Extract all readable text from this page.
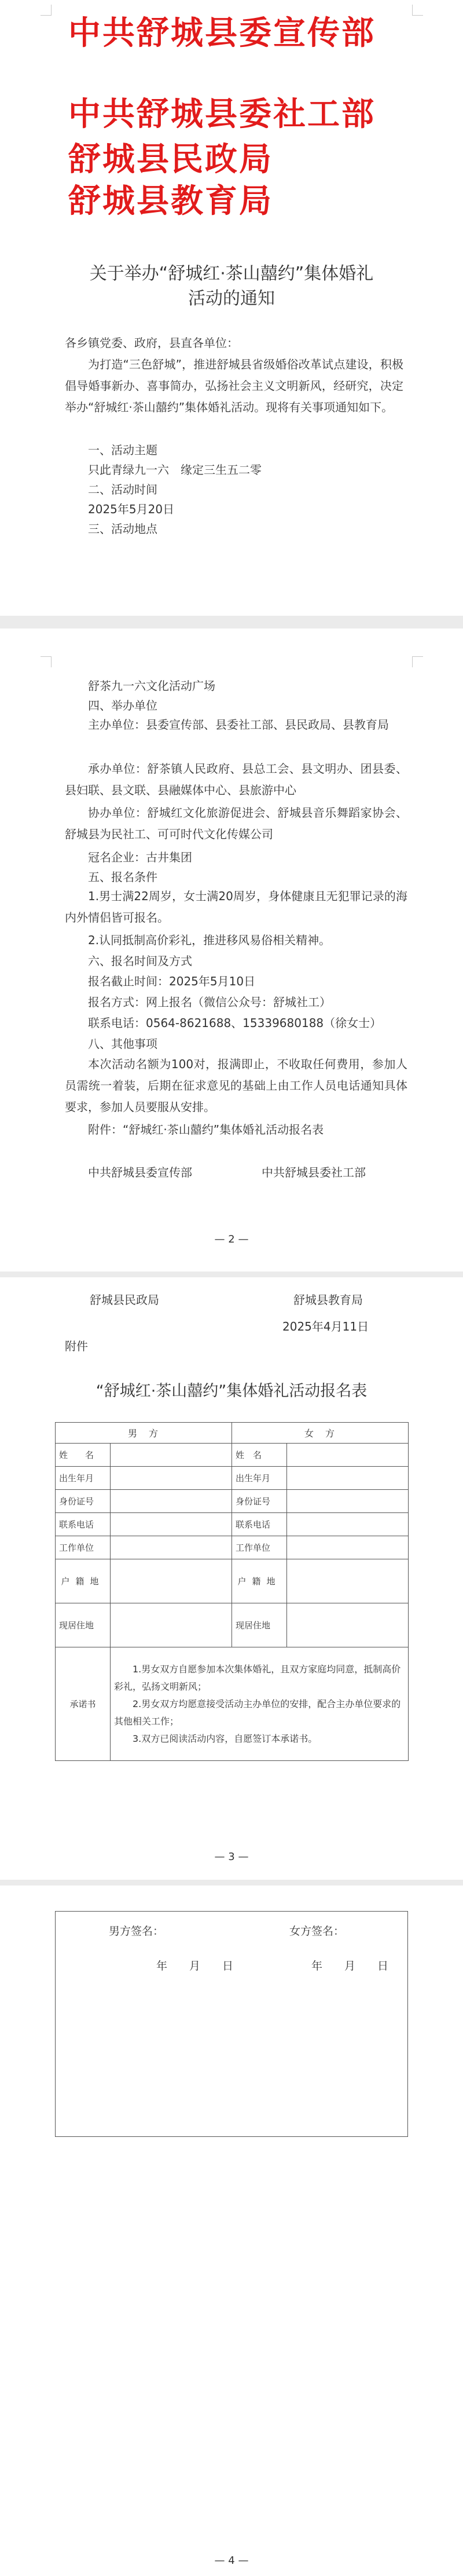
中共舒城县委宣传部
中共舒城县委社工部
舒城县民政局
舒城县教育局
关于举办“舒城红·茶山囍约”集体婚礼
活动的通知
各乡镇党委、政府，县直各单位：

为打造“三色舒城”，推进舒城县省级婚俗改革试点建设，积极倡导婚事新办、喜事简办，弘扬社会主义文明新风，经研究，决定举办“舒城红·茶山囍约”集体婚礼活动。现将有关事项通知如下。

一、活动主题
只此青绿九一六　缘定三生五二零
二、活动时间
2025年5月20日
三、活动地点
舒茶九一六文化活动广场
四、举办单位

主办单位：县委宣传部、县委社工部、县民政局、县教育局

承办单位：舒茶镇人民政府、县总工会、县文明办、团县委、县妇联、县文联、县融媒体中心、县旅游中心

协办单位：舒城红文化旅游促进会、舒城县音乐舞蹈家协会、舒城县为民社工、可可时代文化传媒公司

冠名企业：古井集团
五、报名条件

1.男士满22周岁，女士满20周岁，身体健康且无犯罪记录的海内外情侣皆可报名。

2.认同抵制高价彩礼，推进移风易俗相关精神。

六、报名时间及方式
报名截止时间：2025年5月10日
报名方式：网上报名（微信公众号：舒城社工）
联系电话：0564-8621688、15339680188（徐女士）
八、其他事项

本次活动名额为100对，报满即止，不收取任何费用，参加人员需统一着装，后期在征求意见的基础上由工作人员电话通知具体要求，参加人员要服从安排。

附件：“舒城红·茶山囍约”集体婚礼活动报名表
中共舒城县委宣传部	中共舒城县委社工部
— 2 —
舒城县民政局	舒城县教育局
2025年4月11日
附件
“舒城红·茶山囍约”集体婚礼活动报名表
男　方		女　方	
姓　　名		姓　名	
出生年月		出生年月	
身份证号		身份证号	
联系电话		联系电话	
工作单位		工作单位	
户籍地		户籍地	
现居住地		现居住地	
承诺书	1.男女双方自愿参加本次集体婚礼，且双方家庭均同意，抵制高价彩礼，弘扬文明新风；

2.男女双方均愿意接受活动主办单位的安排，配合主办单位要求的其他相关工作；

3.双方已阅读活动内容，自愿签订本承诺书。		

— 3 —
男方签名：	女方签名：
年　　月　　日	年　　月　　日
— 4 —
